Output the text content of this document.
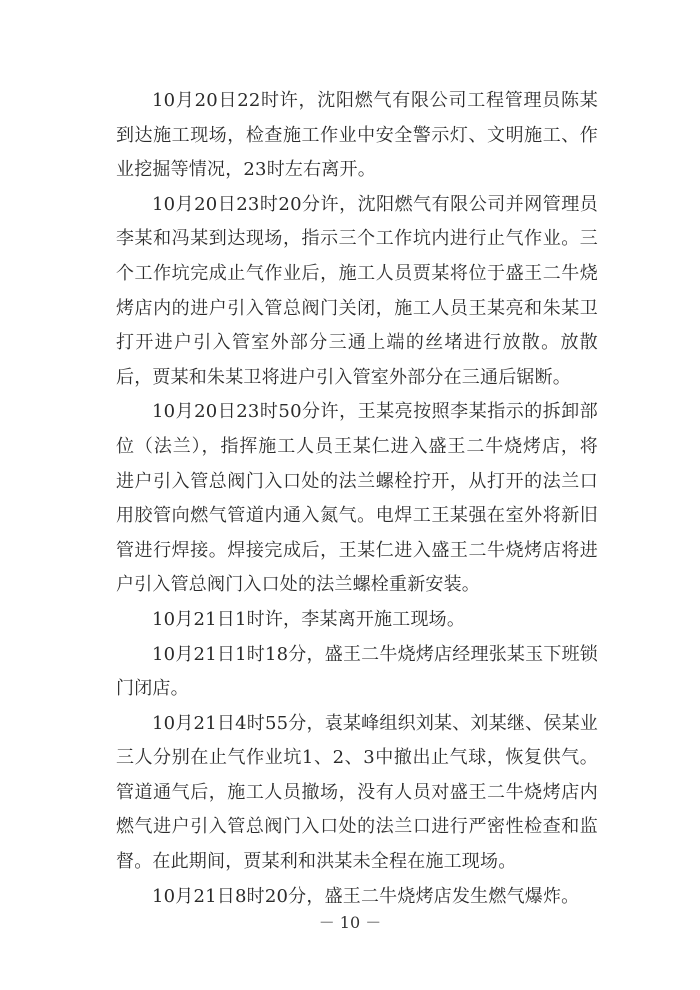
10月20日22时许，沈阳燃气有限公司工程管理员陈某到达施工现场，检查施工作业中安全警示灯、文明施工、作业挖掘等情况，23时左右离开。

10月20日23时20分许，沈阳燃气有限公司并网管理员李某和冯某到达现场，指示三个工作坑内进行止气作业。三个工作坑完成止气作业后，施工人员贾某将位于盛王二牛烧烤店内的进户引入管总阀门关闭，施工人员王某亮和朱某卫打开进户引入管室外部分三通上端的丝堵进行放散。放散后，贾某和朱某卫将进户引入管室外部分在三通后锯断。

10月20日23时50分许，王某亮按照李某指示的拆卸部位（法兰），指挥施工人员王某仁进入盛王二牛烧烤店，将进户引入管总阀门入口处的法兰螺栓拧开，从打开的法兰口用胶管向燃气管道内通入氮气。电焊工王某强在室外将新旧管进行焊接。焊接完成后，王某仁进入盛王二牛烧烤店将进户引入管总阀门入口处的法兰螺栓重新安装。

10月21日1时许，李某离开施工现场。

10月21日1时18分，盛王二牛烧烤店经理张某玉下班锁门闭店。

10月21日4时55分，袁某峰组织刘某、刘某继、侯某业三人分别在止气作业坑1、2、3中撤出止气球，恢复供气。管道通气后，施工人员撤场，没有人员对盛王二牛烧烤店内燃气进户引入管总阀门入口处的法兰口进行严密性检查和监督。在此期间，贾某利和洪某未全程在施工现场。

10月21日8时20分，盛王二牛烧烤店发生燃气爆炸。

－ 10 －
